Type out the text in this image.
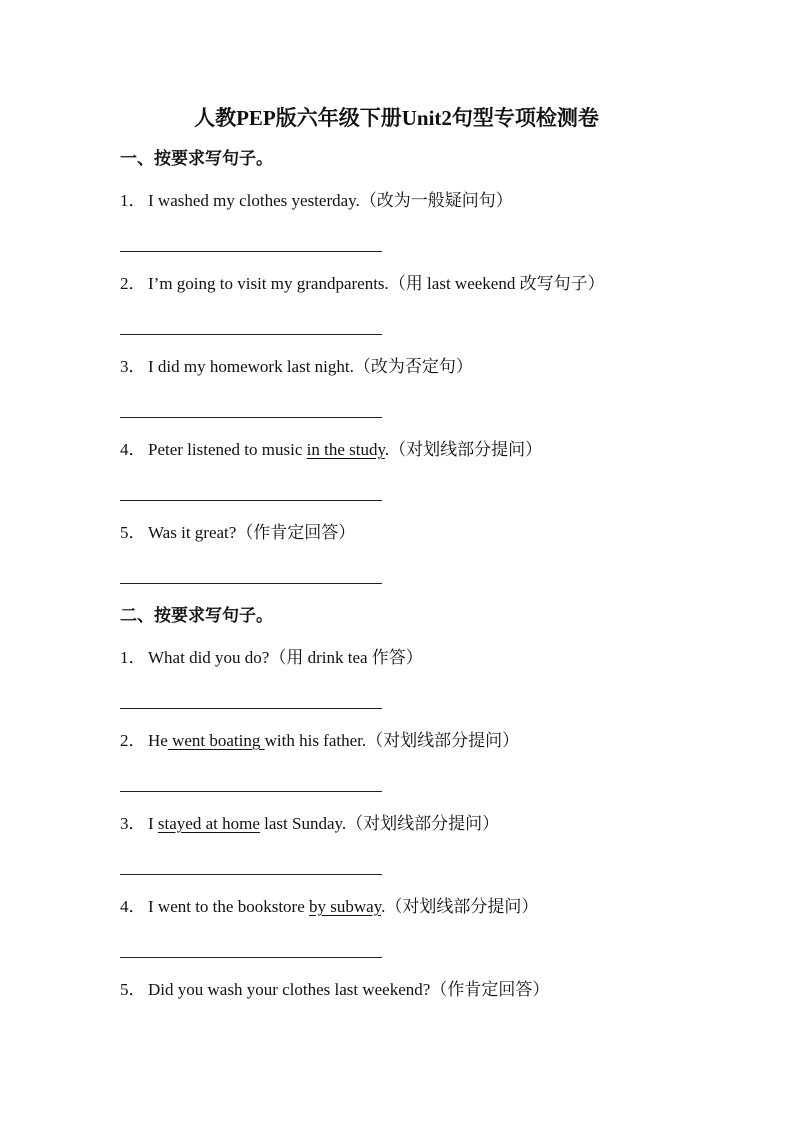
人教PEP版六年级下册Unit2句型专项检测卷
一、按要求写句子。
1． I washed my clothes yesterday.（改为一般疑问句）
2． I’m going to visit my grandparents.（用 last weekend 改写句子）
3． I did my homework last night.（改为否定句）
4． Peter listened to music in the study.（对划线部分提问）
5． Was it great?（作肯定回答）
二、按要求写句子。
1． What did you do?（用 drink tea 作答）
2． He went boating with his father.（对划线部分提问）
3． I stayed at home last Sunday.（对划线部分提问）
4． I went to the bookstore by subway.（对划线部分提问）
5． Did you wash your clothes last weekend?（作肯定回答）
